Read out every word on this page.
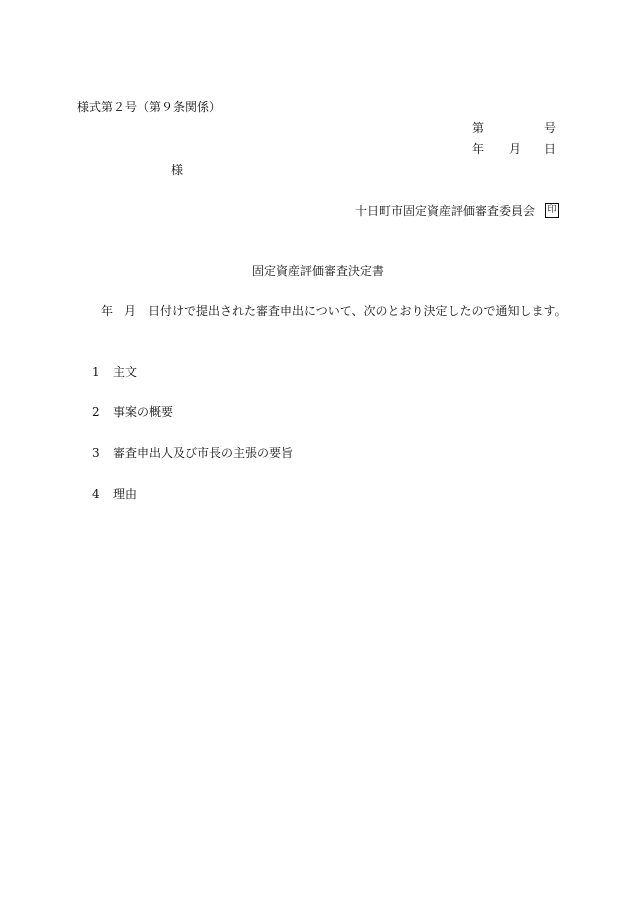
様式第２号（第９条関係）
第	号
年 月 日
様
十日町市固定資産評価審査委員会 印
固定資産評価審査決定書
年 月 日付けで提出された審査申出について、次のとおり決定したので通知します。
1 主文
2 事案の概要
3 審査申出人及び市長の主張の要旨
4 理由
